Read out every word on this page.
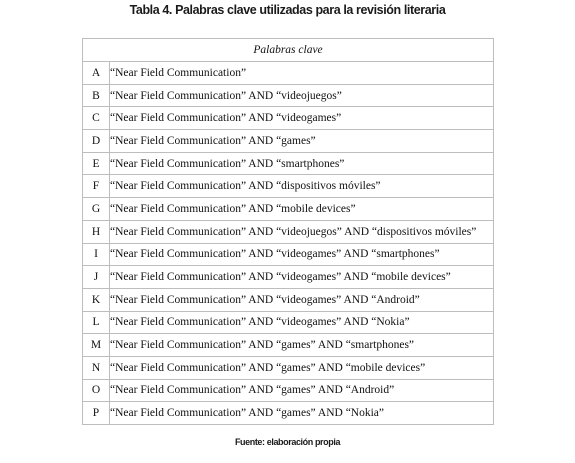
Tabla 4. Palabras clave utilizadas para la revisión literaria
Palabras clave	
A	“Near Field Communication”
B	“Near Field Communication” AND “videojuegos”
C	“Near Field Communication” AND “videogames”
D	“Near Field Communication” AND “games”
E	“Near Field Communication” AND “smartphones”
F	“Near Field Communication” AND “dispositivos móviles”
G	“Near Field Communication” AND “mobile devices”
H	“Near Field Communication” AND “videojuegos” AND “dispositivos móviles”
I	“Near Field Communication” AND “videogames” AND “smartphones”
J	“Near Field Communication” AND “videogames” AND “mobile devices”
K	“Near Field Communication” AND “videogames” AND “Android”
L	“Near Field Communication” AND “videogames” AND “Nokia”
M	“Near Field Communication” AND “games” AND “smartphones”
N	“Near Field Communication” AND “games” AND “mobile devices”
O	“Near Field Communication” AND “games” AND “Android”
P	“Near Field Communication” AND “games” AND “Nokia”
Fuente: elaboración propia
